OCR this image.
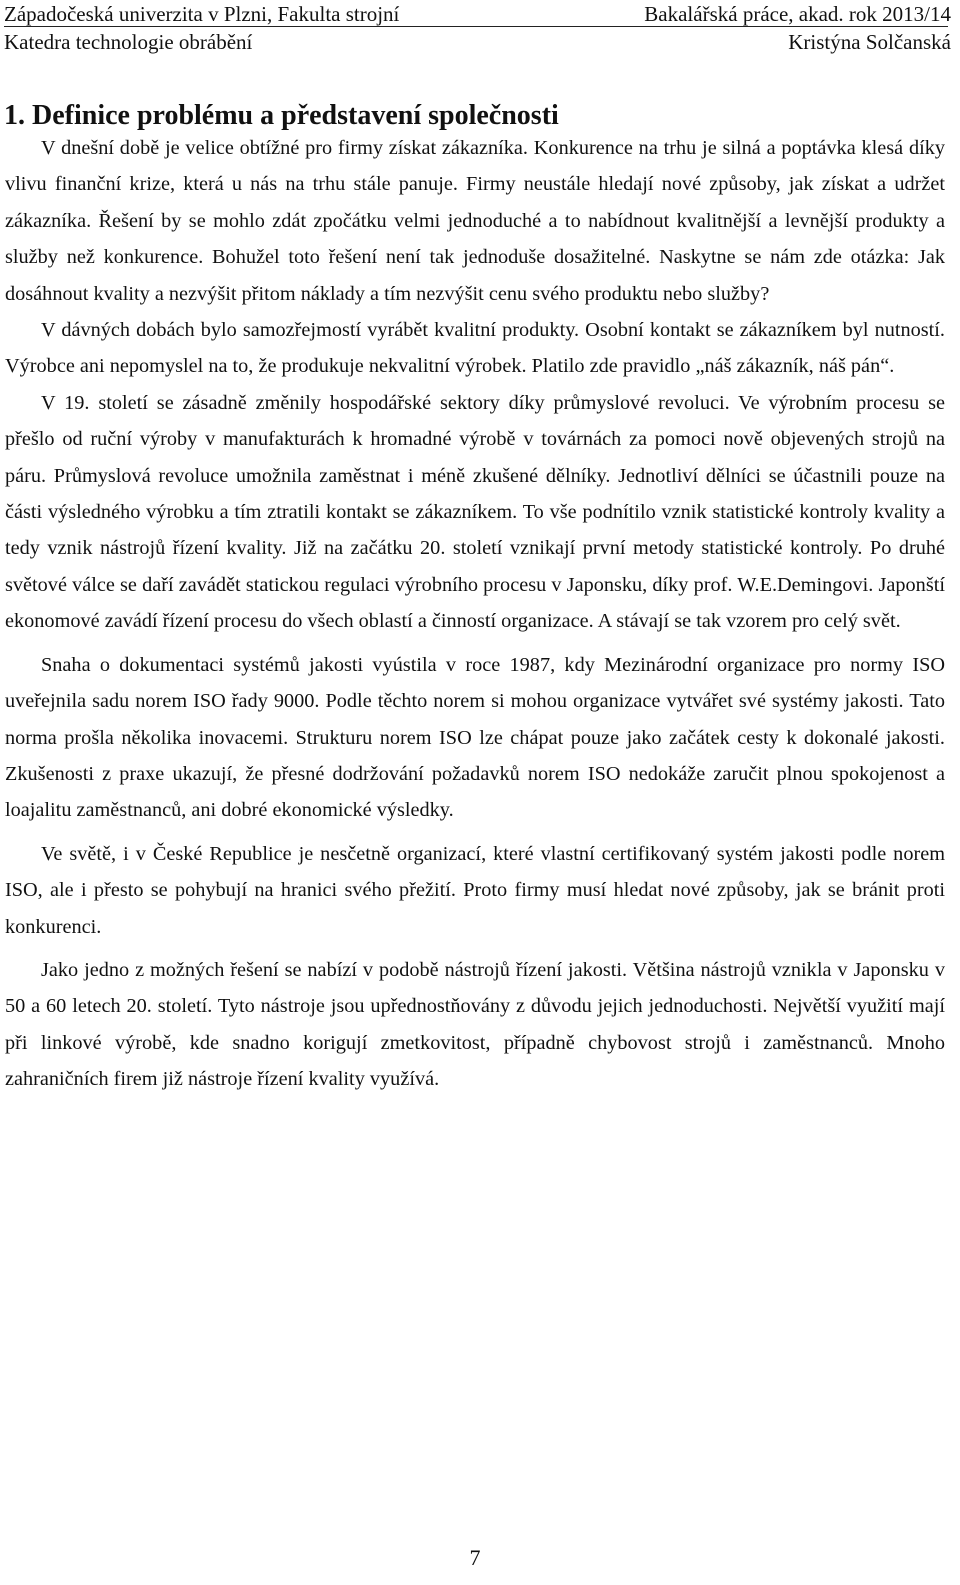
Západočeská univerzita v Plzni, Fakulta strojní	Bakalářská práce, akad. rok 2013/14
Katedra technologie obrábění	Kristýna Solčanská
1. Definice problému a představení společnosti

V dnešní době je velice obtížné pro firmy získat zákazníka. Konkurence na trhu je silná a poptávka klesá díky vlivu finanční krize, která u nás na trhu stále panuje. Firmy neustále hledají nové způsoby, jak získat a udržet zákazníka. Řešení by se mohlo zdát zpočátku velmi jednoduché a to nabídnout kvalitnější a levnější produkty a služby než konkurence. Bohužel toto řešení není tak jednoduše dosažitelné. Naskytne se nám zde otázka: Jak dosáhnout kvality a nezvýšit přitom náklady a tím nezvýšit cenu svého produktu nebo služby?

V dávných dobách bylo samozřejmostí vyrábět kvalitní produkty. Osobní kontakt se zákazníkem byl nutností. Výrobce ani nepomyslel na to, že produkuje nekvalitní výrobek. Platilo zde pravidlo „náš zákazník, náš pán“.

V 19. století se zásadně změnily hospodářské sektory díky průmyslové revoluci. Ve výrobním procesu se přešlo od ruční výroby v manufakturách k hromadné výrobě v továrnách za pomoci nově objevených strojů na páru. Průmyslová revoluce umožnila zaměstnat i méně zkušené dělníky. Jednotliví dělníci se účastnili pouze na části výsledného výrobku a tím ztratili kontakt se zákazníkem. To vše podnítilo vznik statistické kontroly kvality a tedy vznik nástrojů řízení kvality. Již na začátku 20. století vznikají první metody statistické kontroly. Po druhé světové válce se daří zavádět statickou regulaci výrobního procesu v Japonsku, díky prof. W.E.Demingovi. Japonští ekonomové zavádí řízení procesu do všech oblastí a činností organizace. A stávají se tak vzorem pro celý svět.

Snaha o dokumentaci systémů jakosti vyústila v roce 1987, kdy Mezinárodní organizace pro normy ISO uveřejnila sadu norem ISO řady 9000. Podle těchto norem si mohou organizace vytvářet své systémy jakosti. Tato norma prošla několika inovacemi. Strukturu norem ISO lze chápat pouze jako začátek cesty k dokonalé jakosti. Zkušenosti z praxe ukazují, že přesné dodržování požadavků norem ISO nedokáže zaručit plnou spokojenost a loajalitu zaměstnanců, ani dobré ekonomické výsledky.

Ve světě, i v České Republice je nesčetně organizací, které vlastní certifikovaný systém jakosti podle norem ISO, ale i přesto se pohybují na hranici svého přežití. Proto firmy musí hledat nové způsoby, jak se bránit proti konkurenci.

Jako jedno z možných řešení se nabízí v podobě nástrojů řízení jakosti. Většina nástrojů vznikla v Japonsku v 50 a 60 letech 20. století. Tyto nástroje jsou upřednostňovány z důvodu jejich jednoduchosti. Největší využití mají při linkové výrobě, kde snadno korigují zmetkovitost, případně chybovost strojů i zaměstnanců. Mnoho zahraničních firem již nástroje řízení kvality využívá.

7
